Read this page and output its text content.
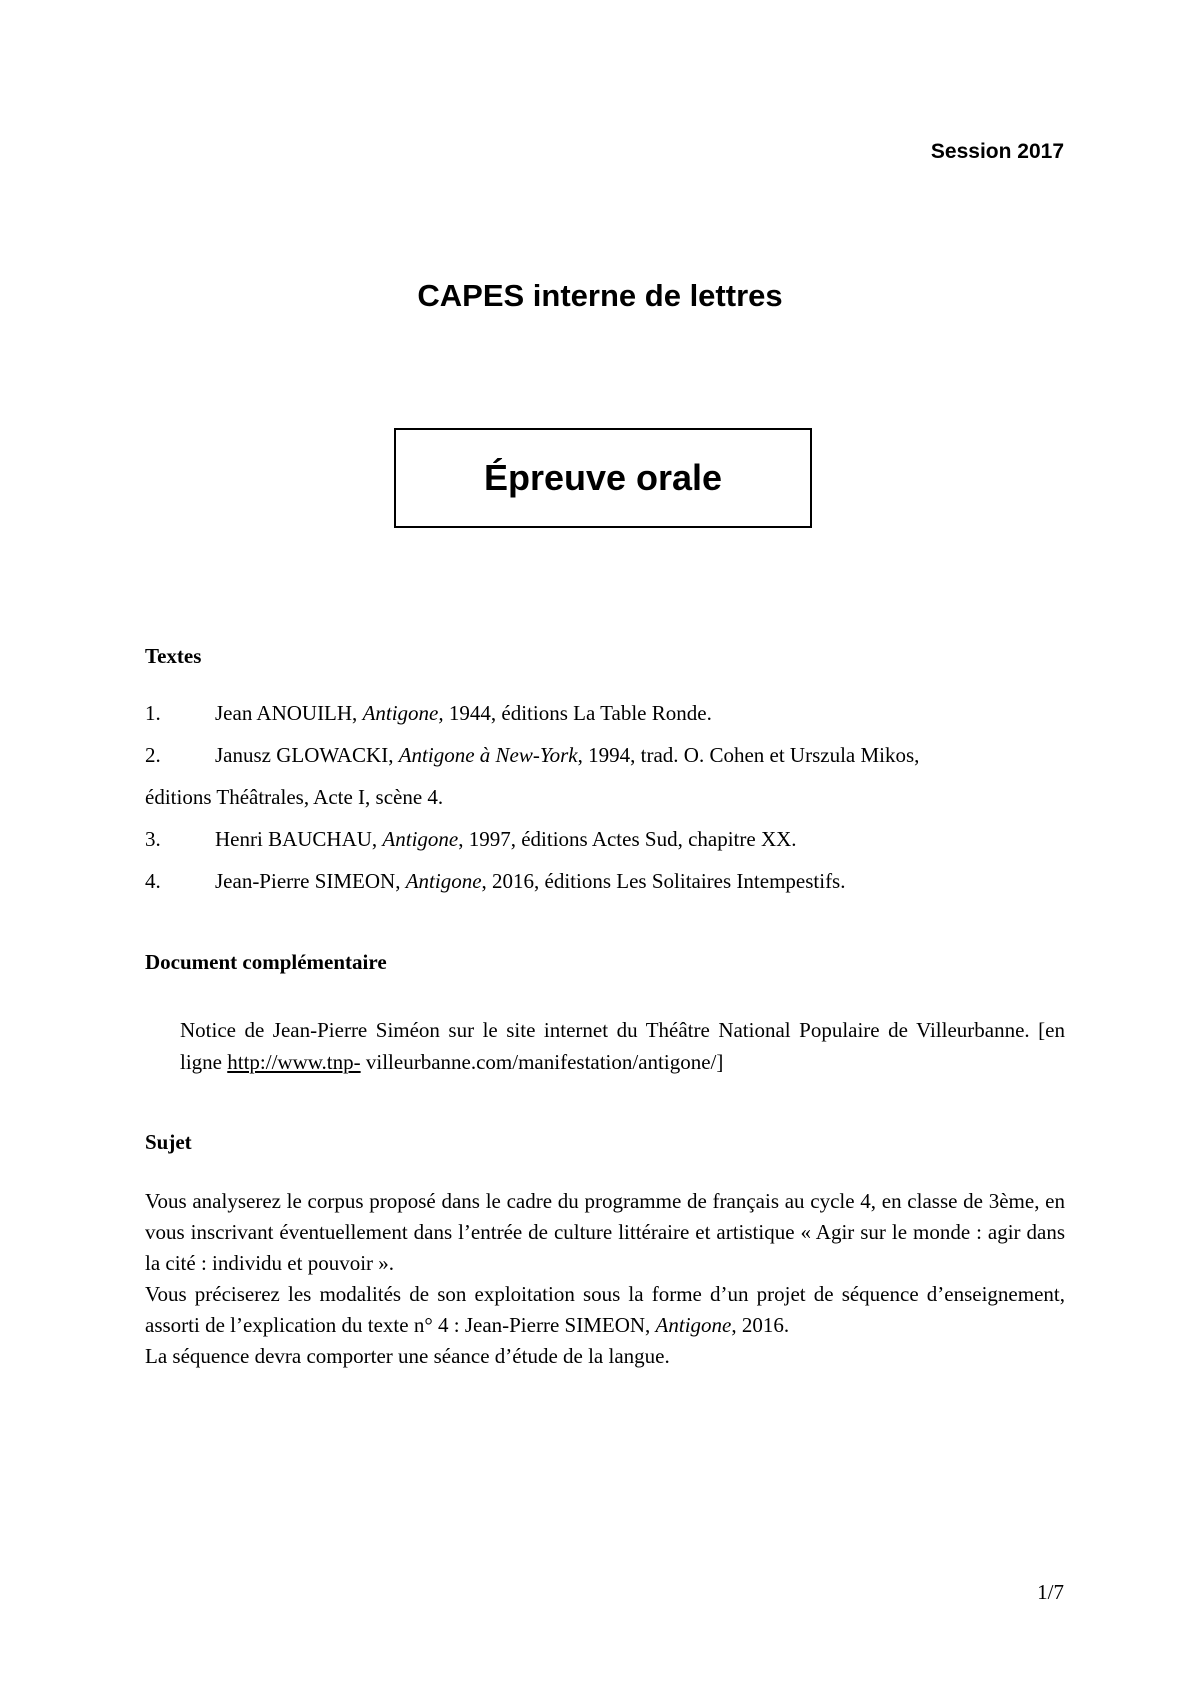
Session 2017
CAPES interne de lettres
Épreuve orale
Textes
1.	Jean ANOUILH, Antigone, 1944, éditions La Table Ronde.
2.	Janusz GLOWACKI, Antigone à New-York, 1994, trad. O. Cohen et Urszula Mikos,
éditions Théâtrales, Acte I, scène 4.
3.	Henri BAUCHAU, Antigone, 1997, éditions Actes Sud, chapitre XX.
4.	Jean-Pierre SIMEON, Antigone, 2016, éditions Les Solitaires Intempestifs.
Document complémentaire
Notice de Jean-Pierre Siméon sur le site internet du Théâtre National Populaire de Villeurbanne. [en ligne http://www.tnp- villeurbanne.com/manifestation/antigone/]
Sujet

Vous analyserez le corpus proposé dans le cadre du programme de français au cycle 4, en classe de 3ème, en vous inscrivant éventuellement dans l’entrée de culture littéraire et artistique « Agir sur le monde : agir dans la cité : individu et pouvoir ».

Vous préciserez les modalités de son exploitation sous la forme d’un projet de séquence d’enseignement, assorti de l’explication du texte n° 4 : Jean-Pierre SIMEON, Antigone, 2016.

La séquence devra comporter une séance d’étude de la langue.

1/7
